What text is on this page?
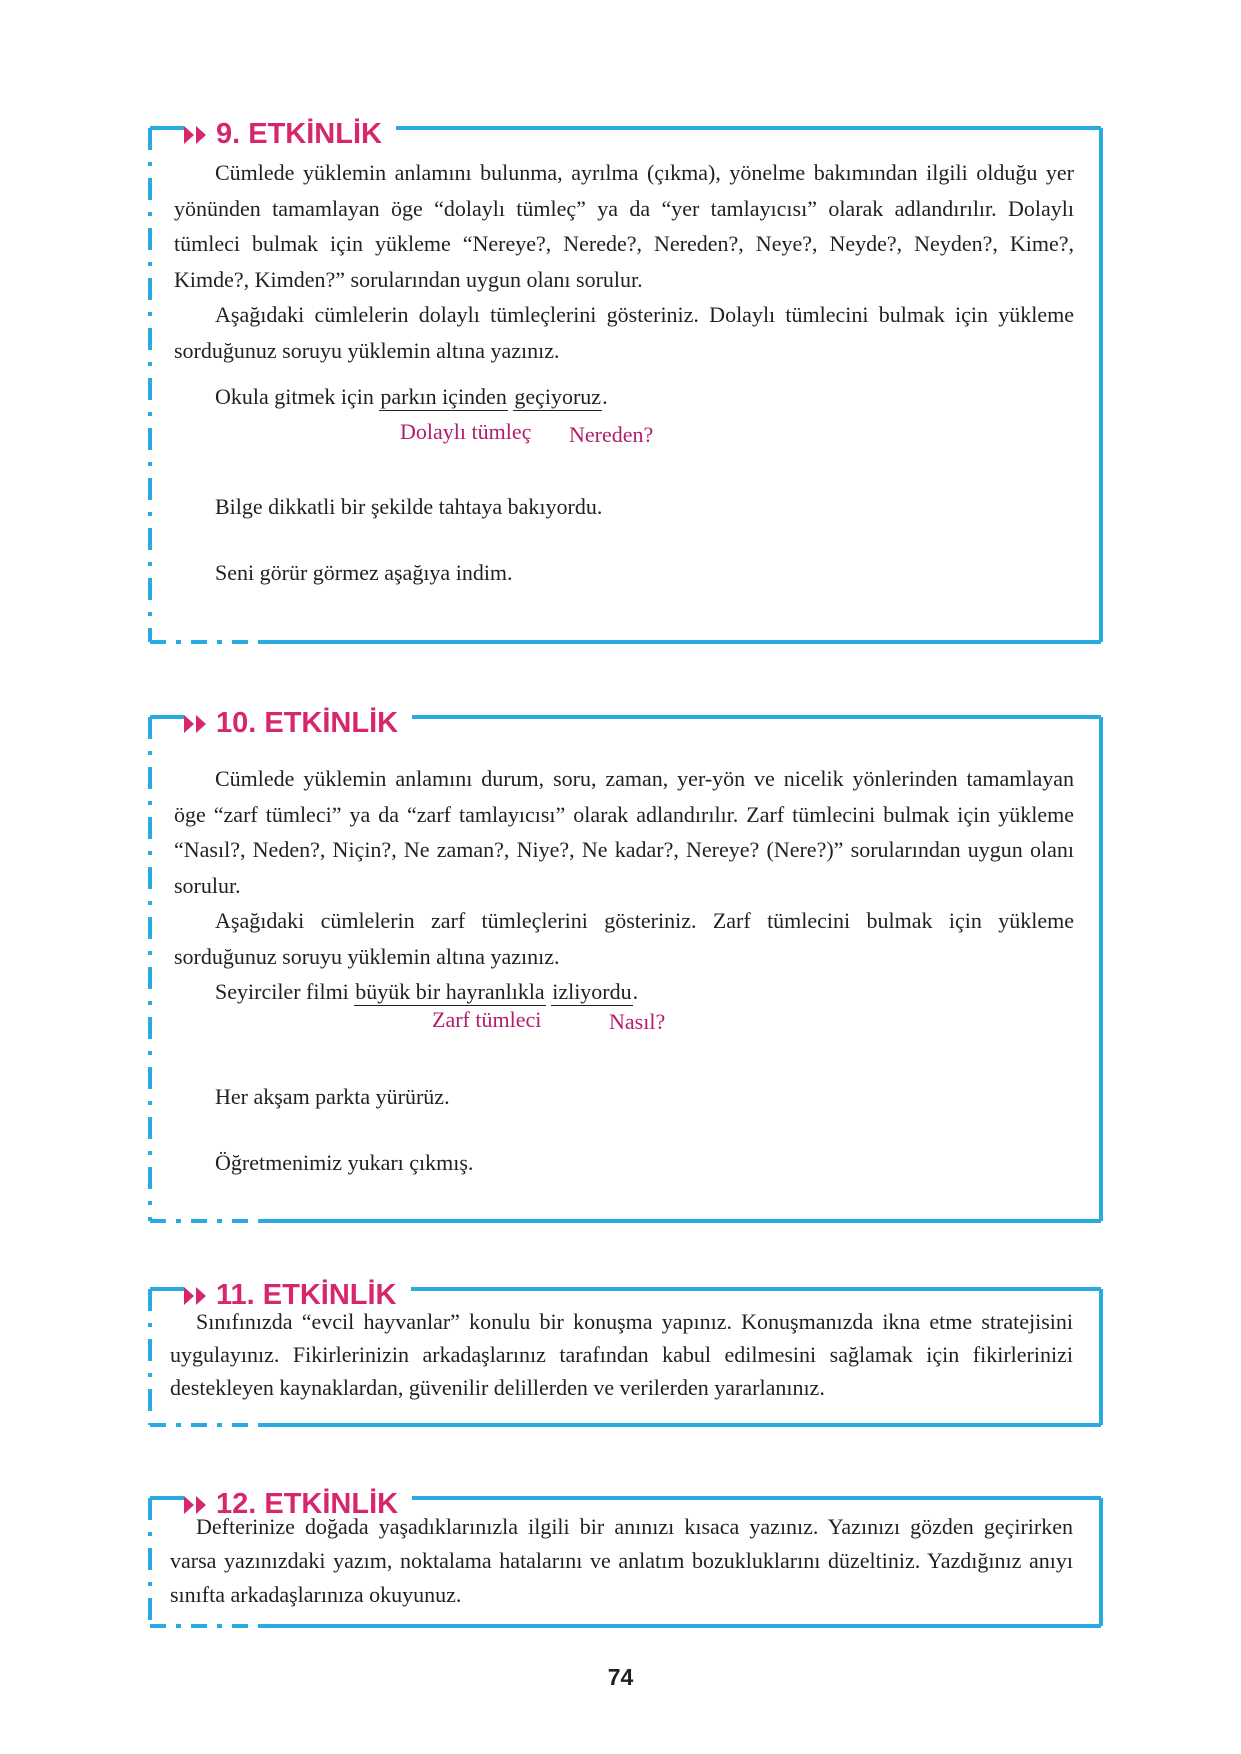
9. ETKİNLİK

Cümlede yüklemin anlamını bulunma, ayrılma (çıkma), yönelme bakımından ilgili olduğu yer yönünden tamamlayan öge “dolaylı tümleç” ya da “yer tamlayıcısı” olarak adlandırılır. Dolaylı tümleci bulmak için yükleme “Nereye?, Nerede?, Nereden?, Neye?, Neyde?, Neyden?, Kime?, Kimde?, Kimden?” sorularından uygun olanı sorulur.

Aşağıdaki cümlelerin dolaylı tümleçlerini gösteriniz. Dolaylı tümlecini bulmak için yükleme sorduğunuz soruyu yüklemin altına yazınız.

Okula gitmek için parkın içinden geçiyoruz.

Dolaylı tümleç Nereden?

Bilge dikkatli bir şekilde tahtaya bakıyordu.

Seni görür görmez aşağıya indim.

10. ETKİNLİK

Cümlede yüklemin anlamını durum, soru, zaman, yer-yön ve nicelik yönlerinden tamamlayan öge “zarf tümleci” ya da “zarf tamlayıcısı” olarak adlandırılır. Zarf tümlecini bulmak için yükleme “Nasıl?, Neden?, Niçin?, Ne zaman?, Niye?, Ne kadar?, Nereye? (Nere?)” sorularından uygun olanı sorulur.

Aşağıdaki cümlelerin zarf tümleçlerini gösteriniz. Zarf tümlecini bulmak için yükleme sorduğunuz soruyu yüklemin altına yazınız.

Seyirciler filmi büyük bir hayranlıkla izliyordu.

Zarf tümleci	Nasıl?

Her akşam parkta yürürüz.

Öğretmenimiz yukarı çıkmış.

11. ETKİNLİK

Sınıfınızda “evcil hayvanlar” konulu bir konuşma yapınız. Konuşmanızda ikna etme stratejisini uygulayınız. Fikirlerinizin arkadaşlarınız tarafından kabul edilmesini sağlamak için fikirlerinizi destekleyen kaynaklardan, güvenilir delillerden ve verilerden yararlanınız.

12. ETKİNLİK

Defterinize doğada yaşadıklarınızla ilgili bir anınızı kısaca yazınız. Yazınızı gözden geçirirken varsa yazınızdaki yazım, noktalama hatalarını ve anlatım bozukluklarını düzeltiniz. Yazdığınız anıyı sınıfta arkadaşlarınıza okuyunuz.

74
